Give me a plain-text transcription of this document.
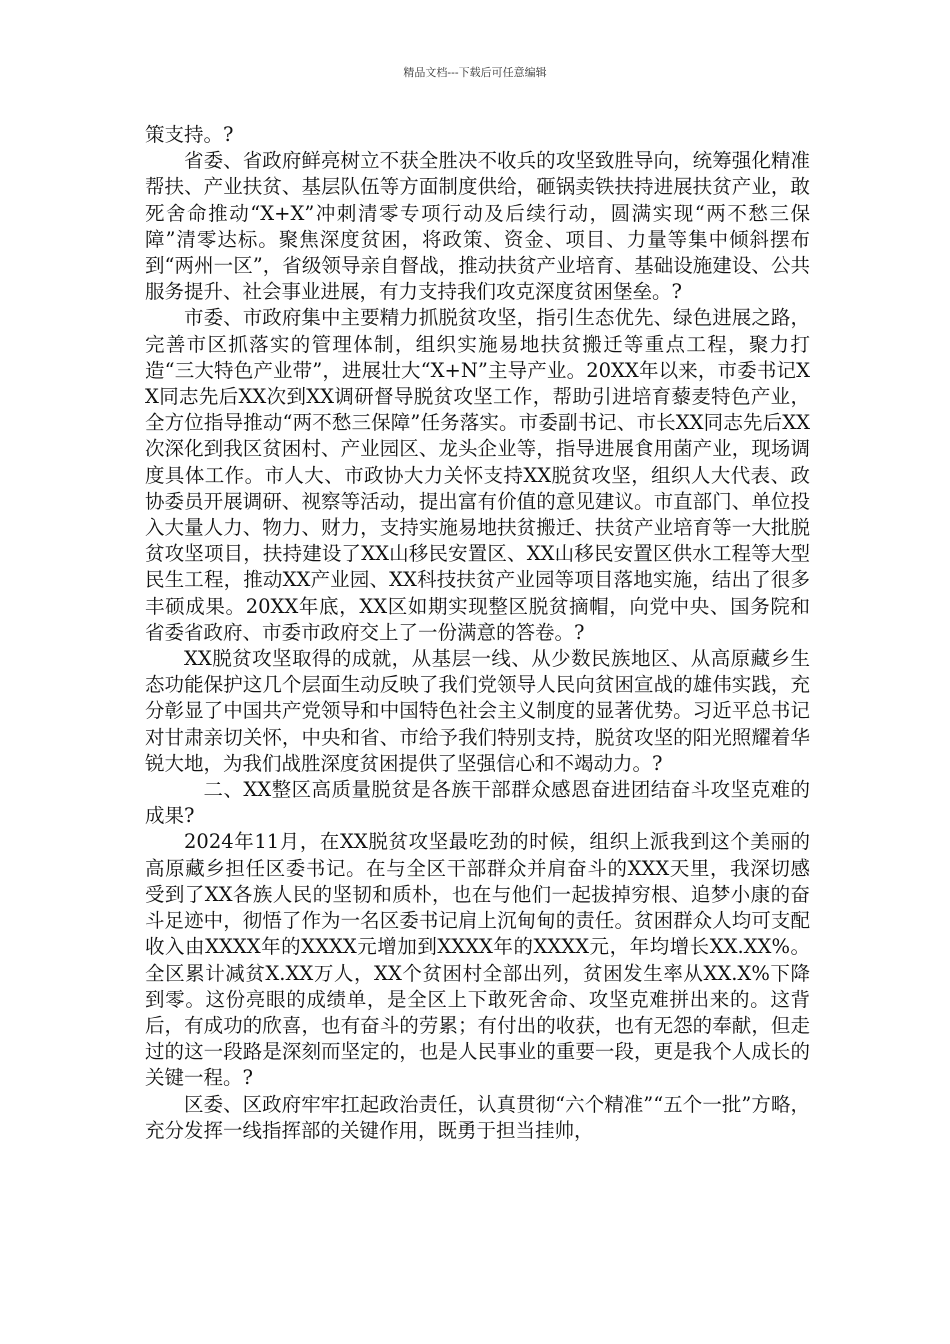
精品文档---下载后可任意编辑

策支持。?

省委、省政府鲜亮树立不获全胜决不收兵的攻坚致胜导向，统筹强化精准帮扶、产业扶贫、基层队伍等方面制度供给，砸锅卖铁扶持进展扶贫产业，敢死舍命推动“X+X”冲刺清零专项行动及后续行动，圆满实现“两不愁三保障”清零达标。聚焦深度贫困，将政策、资金、项目、力量等集中倾斜摆布到“两州一区”，省级领导亲自督战，推动扶贫产业培育、基础设施建设、公共服务提升、社会事业进展，有力支持我们攻克深度贫困堡垒。?

市委、市政府集中主要精力抓脱贫攻坚，指引生态优先、绿色进展之路，完善市区抓落实的管理体制，组织实施易地扶贫搬迁等重点工程，聚力打造“三大特色产业带”，进展壮大“X+N”主导产业。20XX年以来，市委书记XX同志先后XX次到XX调研督导脱贫攻坚工作，帮助引进培育藜麦特色产业，全方位指导推动“两不愁三保障”任务落实。市委副书记、市长XX同志先后XX次深化到我区贫困村、产业园区、龙头企业等，指导进展食用菌产业，现场调度具体工作。市人大、市政协大力关怀支持XX脱贫攻坚，组织人大代表、政协委员开展调研、视察等活动，提出富有价值的意见建议。市直部门、单位投入大量人力、物力、财力，支持实施易地扶贫搬迁、扶贫产业培育等一大批脱贫攻坚项目，扶持建设了XX山移民安置区、XX山移民安置区供水工程等大型民生工程，推动XX产业园、XX科技扶贫产业园等项目落地实施，结出了很多丰硕成果。20XX年底，XX区如期实现整区脱贫摘帽，向党中央、国务院和省委省政府、市委市政府交上了一份满意的答卷。?

XX脱贫攻坚取得的成就，从基层一线、从少数民族地区、从高原藏乡生态功能保护这几个层面生动反映了我们党领导人民向贫困宣战的雄伟实践，充分彰显了中国共产党领导和中国特色社会主义制度的显著优势。习近平总书记对甘肃亲切关怀，中央和省、市给予我们特别支持，脱贫攻坚的阳光照耀着华锐大地，为我们战胜深度贫困提供了坚强信心和不竭动力。?

二、XX整区高质量脱贫是各族干部群众感恩奋进团结奋斗攻坚克难的成果?

2024年11月，在XX脱贫攻坚最吃劲的时候，组织上派我到这个美丽的高原藏乡担任区委书记。在与全区干部群众并肩奋斗的XXX天里，我深切感受到了XX各族人民的坚韧和质朴，也在与他们一起拔掉穷根、追梦小康的奋斗足迹中，彻悟了作为一名区委书记肩上沉甸甸的责任。贫困群众人均可支配收入由XXXX年的XXXX元增加到XXXX年的XXXX元，年均增长XX.XX%。全区累计减贫X.XX万人，XX个贫困村全部出列，贫困发生率从XX.X%下降到零。这份亮眼的成绩单，是全区上下敢死舍命、攻坚克难拼出来的。这背后，有成功的欣喜，也有奋斗的劳累；有付出的收获，也有无怨的奉献，但走过的这一段路是深刻而坚定的，也是人民事业的重要一段，更是我个人成长的关键一程。?

区委、区政府牢牢扛起政治责任，认真贯彻“六个精准”“五个一批”方略，充分发挥一线指挥部的关键作用，既勇于担当挂帅，
